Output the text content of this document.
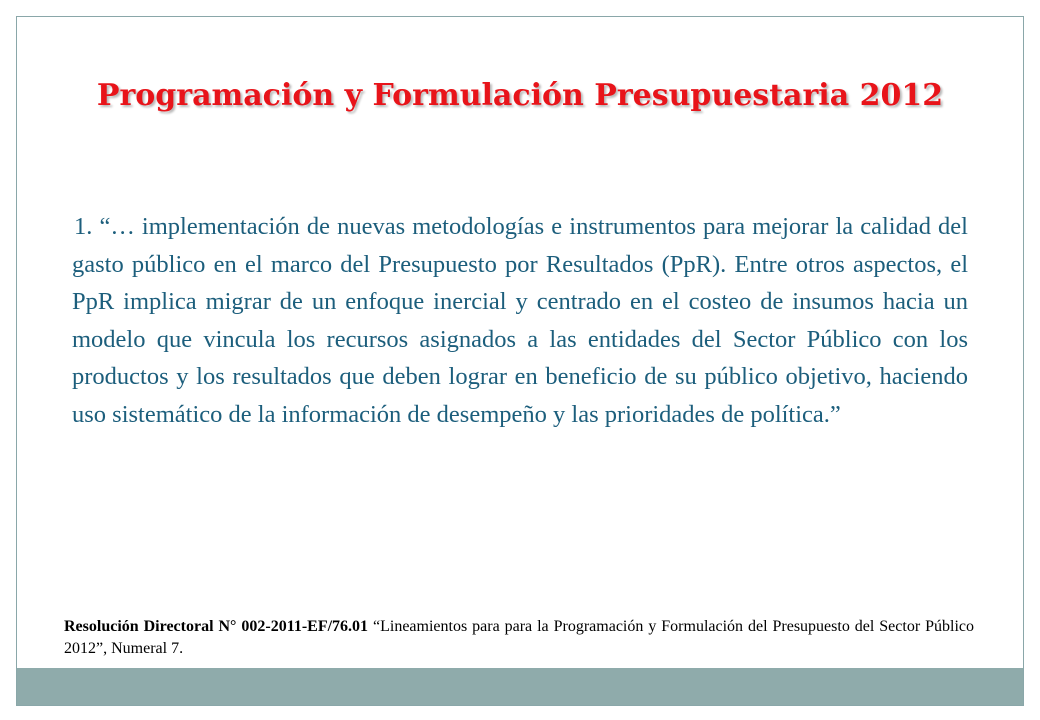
Programación y Formulación Presupuestaria 2012

1. “… implementación de nuevas metodologías e instrumentos para mejorar la calidad del gasto público en el marco del Presupuesto por Resultados (PpR). Entre otros aspectos, el PpR implica migrar de un enfoque inercial y centrado en el costeo de insumos hacia un modelo que vincula los recursos asignados a las entidades del Sector Público con los productos y los resultados que deben lograr en beneficio de su público objetivo, haciendo uso sistemático de la información de desempeño y las prioridades de política.”

Resolución Directoral N° 002-2011-EF/76.01 “Lineamientos para para la Programación y Formulación del Presupuesto del Sector Público 2012”, Numeral 7.
